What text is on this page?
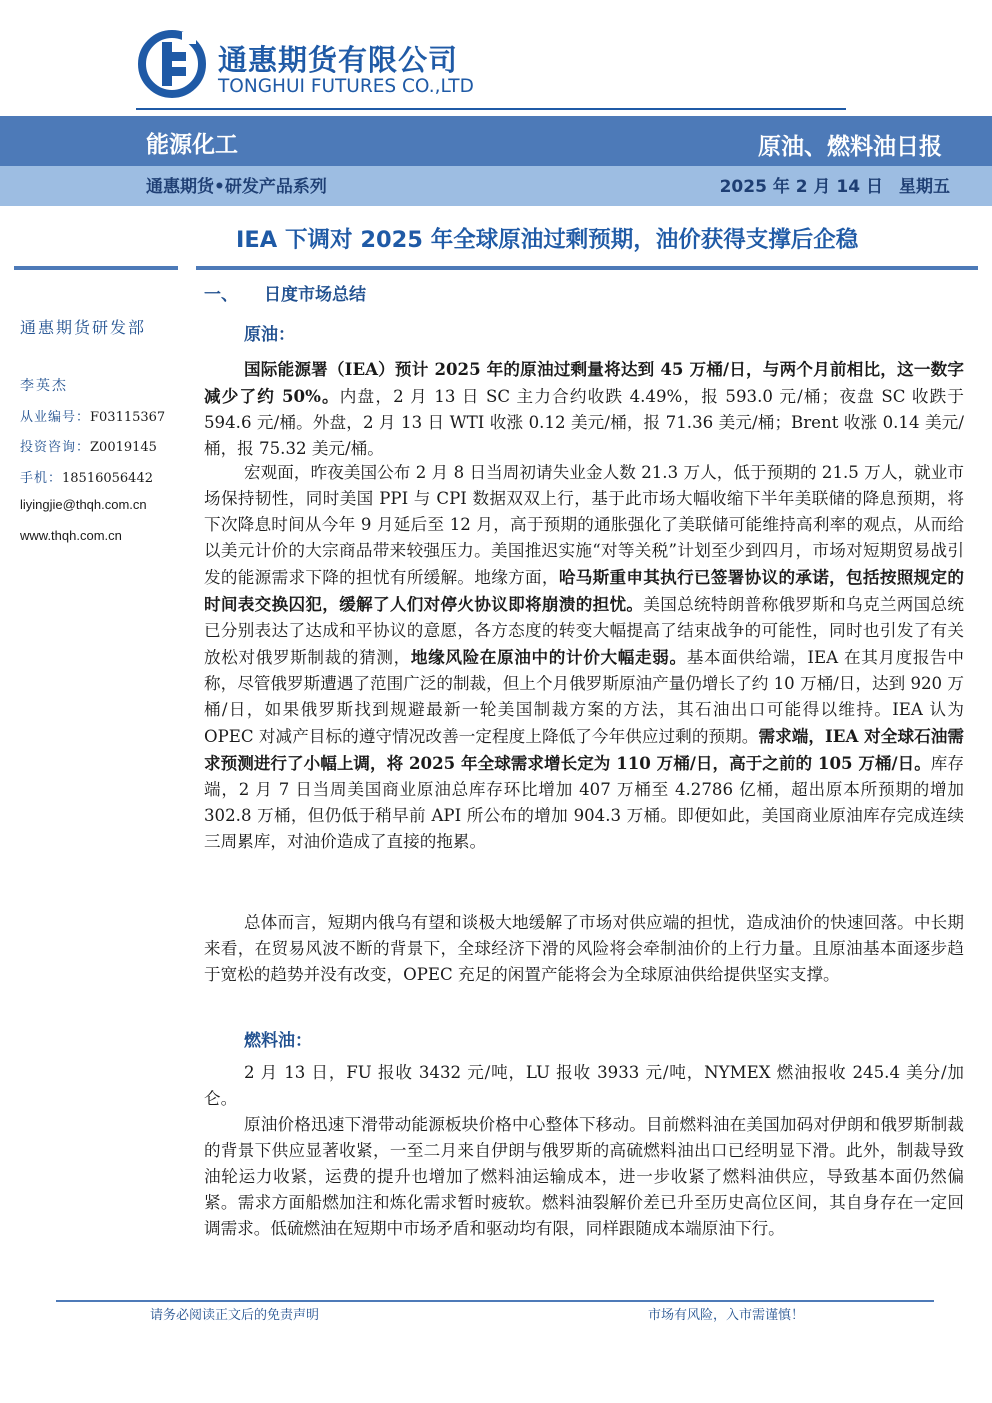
通惠期货有限公司
TONGHUI FUTURES CO.,LTD
能源化工	原油、燃料油日报
通惠期货•研发产品系列	2025 年 2 月 14 日 星期五
IEA 下调对 2025 年全球原油过剩预期，油价获得支撑后企稳
通惠期货研发部
李英杰
从业编号：F03115367
投资咨询：Z0019145
手机：18516056442
liyingjie@thqh.com.cn
www.thqh.com.cn
一、 日度市场总结
原油：
国际能源署（IEA）预计 2025 年的原油过剩量将达到 45 万桶/日，与两个月前相比，这一数字减少了约 50%。内盘，2 月 13 日 SC 主力合约收跌 4.49%，报 593.0 元/桶；夜盘 SC 收跌于 594.6 元/桶。外盘，2 月 13 日 WTI 收涨 0.12 美元/桶，报 71.36 美元/桶；Brent 收涨 0.14 美元/桶，报 75.32 美元/桶。
宏观面，昨夜美国公布 2 月 8 日当周初请失业金人数 21.3 万人，低于预期的 21.5 万人，就业市场保持韧性，同时美国 PPI 与 CPI 数据双双上行，基于此市场大幅收缩下半年美联储的降息预期，将下次降息时间从今年 9 月延后至 12 月，高于预期的通胀强化了美联储可能维持高利率的观点，从而给以美元计价的大宗商品带来较强压力。美国推迟实施“对等关税”计划至少到四月，市场对短期贸易战引发的能源需求下降的担忧有所缓解。地缘方面，哈马斯重申其执行已签署协议的承诺，包括按照规定的时间表交换囚犯，缓解了人们对停火协议即将崩溃的担忧。美国总统特朗普称俄罗斯和乌克兰两国总统已分别表达了达成和平协议的意愿，各方态度的转变大幅提高了结束战争的可能性，同时也引发了有关放松对俄罗斯制裁的猜测，地缘风险在原油中的计价大幅走弱。基本面供给端，IEA 在其月度报告中称，尽管俄罗斯遭遇了范围广泛的制裁，但上个月俄罗斯原油产量仍增长了约 10 万桶/日，达到 920 万桶/日，如果俄罗斯找到规避最新一轮美国制裁方案的方法，其石油出口可能得以维持。IEA 认为 OPEC 对减产目标的遵守情况改善一定程度上降低了今年供应过剩的预期。需求端，IEA 对全球石油需求预测进行了小幅上调，将 2025 年全球需求增长定为 110 万桶/日，高于之前的 105 万桶/日。库存端，2 月 7 日当周美国商业原油总库存环比增加 407 万桶至 4.2786 亿桶，超出原本所预期的增加 302.8 万桶，但仍低于稍早前 API 所公布的增加 904.3 万桶。即便如此，美国商业原油库存完成连续三周累库，对油价造成了直接的拖累。
总体而言，短期内俄乌有望和谈极大地缓解了市场对供应端的担忧，造成油价的快速回落。中长期来看，在贸易风波不断的背景下，全球经济下滑的风险将会牵制油价的上行力量。且原油基本面逐步趋于宽松的趋势并没有改变，OPEC 充足的闲置产能将会为全球原油供给提供坚实支撑。
燃料油：
2 月 13 日，FU 报收 3432 元/吨，LU 报收 3933 元/吨，NYMEX 燃油报收 245.4 美分/加仑。
原油价格迅速下滑带动能源板块价格中心整体下移动。目前燃料油在美国加码对伊朗和俄罗斯制裁的背景下供应显著收紧，一至二月来自伊朗与俄罗斯的高硫燃料油出口已经明显下滑。此外，制裁导致油轮运力收紧，运费的提升也增加了燃料油运输成本，进一步收紧了燃料油供应，导致基本面仍然偏紧。需求方面船燃加注和炼化需求暂时疲软。燃料油裂解价差已升至历史高位区间，其自身存在一定回调需求。低硫燃油在短期中市场矛盾和驱动均有限，同样跟随成本端原油下行。
请务必阅读正文后的免责声明	市场有风险，入市需谨慎！
